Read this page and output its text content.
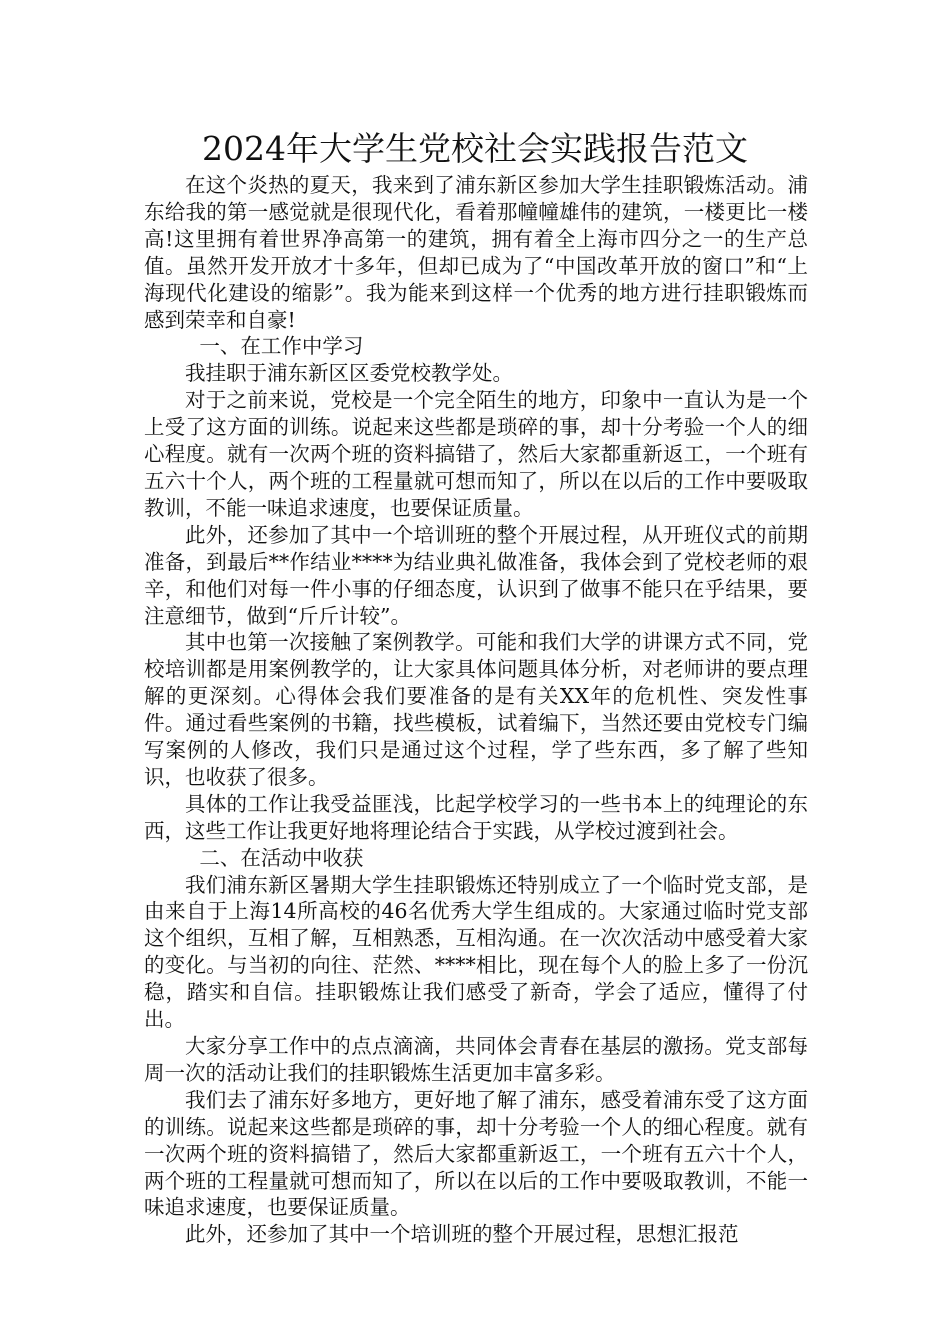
2024年大学生党校社会实践报告范文

在这个炎热的夏天，我来到了浦东新区参加大学生挂职锻炼活动。浦东给我的第一感觉就是很现代化，看着那幢幢雄伟的建筑，一楼更比一楼高!这里拥有着世界净高第一的建筑，拥有着全上海市四分之一的生产总值。虽然开发开放才十多年，但却已成为了“中国改革开放的窗口”和“上海现代化建设的缩影”。我为能来到这样一个优秀的地方进行挂职锻炼而感到荣幸和自豪!

一、在工作中学习

我挂职于浦东新区区委党校教学处。

对于之前来说，党校是一个完全陌生的地方，印象中一直认为是一个上受了这方面的训练。说起来这些都是琐碎的事，却十分考验一个人的细心程度。就有一次两个班的资料搞错了，然后大家都重新返工，一个班有五六十个人，两个班的工程量就可想而知了，所以在以后的工作中要吸取教训，不能一味追求速度，也要保证质量。

此外，还参加了其中一个培训班的整个开展过程，从开班仪式的前期准备，到最后**作结业****为结业典礼做准备，我体会到了党校老师的艰辛，和他们对每一件小事的仔细态度，认识到了做事不能只在乎结果，要注意细节，做到“斤斤计较”。

其中也第一次接触了案例教学。可能和我们大学的讲课方式不同，党校培训都是用案例教学的，让大家具体问题具体分析，对老师讲的要点理解的更深刻。心得体会我们要准备的是有关XX年的危机性、突发性事件。通过看些案例的书籍，找些模板，试着编下，当然还要由党校专门编写案例的人修改，我们只是通过这个过程，学了些东西，多了解了些知识，也收获了很多。

具体的工作让我受益匪浅，比起学校学习的一些书本上的纯理论的东西，这些工作让我更好地将理论结合于实践，从学校过渡到社会。

二、在活动中收获

我们浦东新区暑期大学生挂职锻炼还特别成立了一个临时党支部，是由来自于上海14所高校的46名优秀大学生组成的。大家通过临时党支部这个组织，互相了解，互相熟悉，互相沟通。在一次次活动中感受着大家的变化。与当初的向往、茫然、****相比，现在每个人的脸上多了一份沉稳，踏实和自信。挂职锻炼让我们感受了新奇，学会了适应，懂得了付出。

大家分享工作中的点点滴滴，共同体会青春在基层的激扬。党支部每周一次的活动让我们的挂职锻炼生活更加丰富多彩。

我们去了浦东好多地方，更好地了解了浦东，感受着浦东受了这方面的训练。说起来这些都是琐碎的事，却十分考验一个人的细心程度。就有一次两个班的资料搞错了，然后大家都重新返工，一个班有五六十个人，两个班的工程量就可想而知了，所以在以后的工作中要吸取教训，不能一味追求速度，也要保证质量。

此外，还参加了其中一个培训班的整个开展过程，思想汇报范
